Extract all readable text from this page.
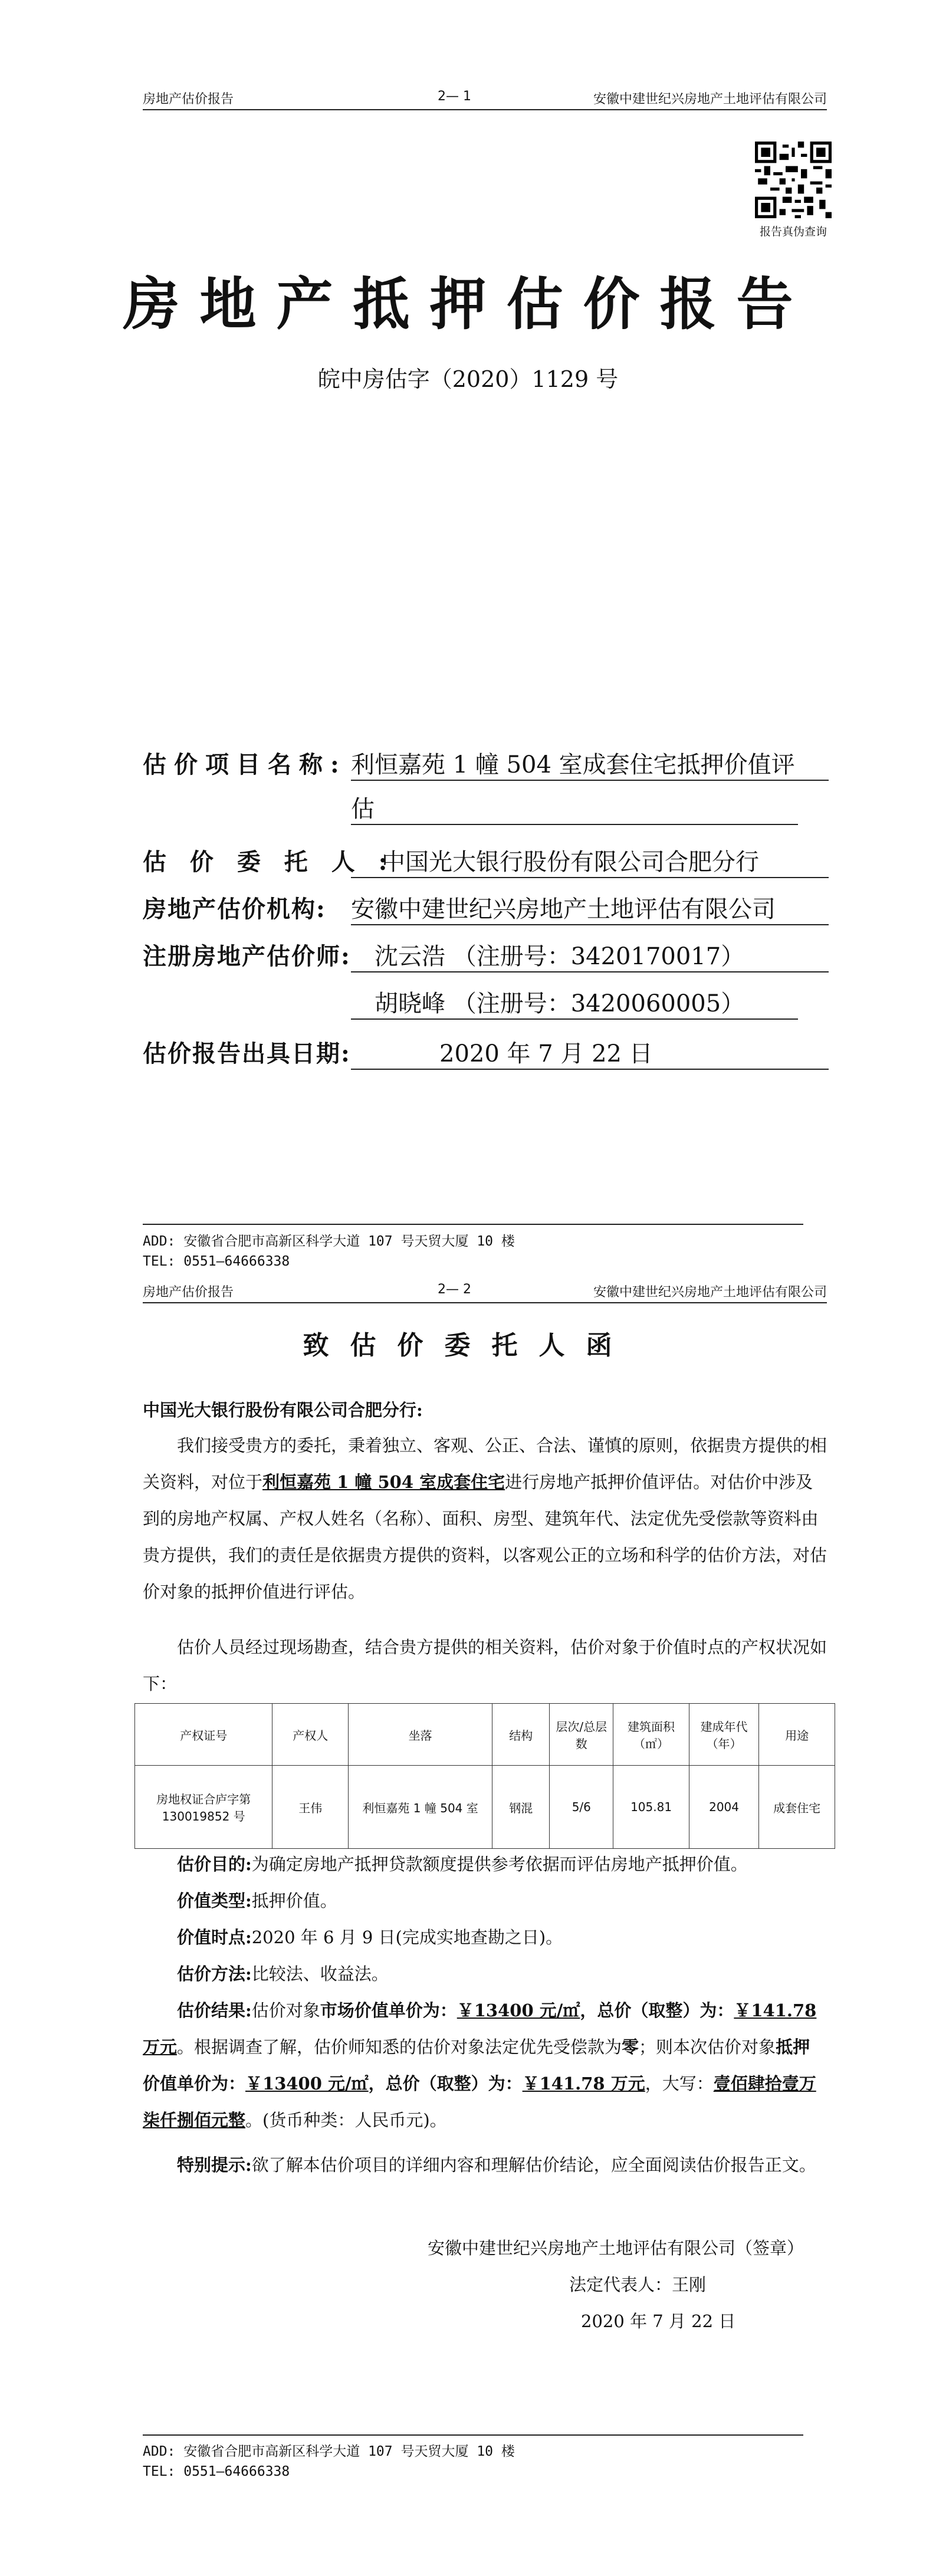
房地产估价报告	2— 1	安徽中建世纪兴房地产土地评估有限公司
报告真伪查询
房地产抵押估价报告
皖中房估字（2020）1129 号
估价项目名称: 利恒嘉苑 1 幢 504 室成套住宅抵押价值评
估
估 价 委 托 人 :中国光大银行股份有限公司合肥分行
房地产估价机构: 安徽中建世纪兴房地产土地评估有限公司
注册房地产估价师: 沈云浩 （注册号：3420170017）
胡晓峰 （注册号：3420060005）
估价报告出具日期:	2020 年 7 月 22 日
ADD: 安徽省合肥市高新区科学大道 107 号天贸大厦 10 楼
TEL: 0551—64666338
房地产估价报告	2— 2	安徽中建世纪兴房地产土地评估有限公司
致估价委托人函
中国光大银行股份有限公司合肥分行:
我们接受贵方的委托，秉着独立、客观、公正、合法、谨慎的原则，依据贵方提供的相关资料，对位于利恒嘉苑 1 幢 504 室成套住宅进行房地产抵押价值评估。对估价中涉及到的房地产权属、产权人姓名（名称）、面积、房型、建筑年代、法定优先受偿款等资料由贵方提供，我们的责任是依据贵方提供的资料，以客观公正的立场和科学的估价方法，对估价对象的抵押价值进行评估。
估价人员经过现场勘查，结合贵方提供的相关资料，估价对象于价值时点的产权状况如下：
产权证号	产权人	坐落	结构	层次/总层数	建筑面积（㎡）	建成年代（年）	用途
房地权证合庐字第 130019852 号	王伟	利恒嘉苑 1 幢 504 室	钢混	5/6	105.81	2004	成套住宅
估价目的:为确定房地产抵押贷款额度提供参考依据而评估房地产抵押价值。
价值类型:抵押价值。
价值时点:2020 年 6 月 9 日(完成实地查勘之日)。
估价方法:比较法、收益法。
估价结果:估价对象市场价值单价为：￥13400 元/㎡，总价（取整）为：￥141.78 万元。根据调查了解，估价师知悉的估价对象法定优先受偿款为零；则本次估价对象抵押价值单价为：￥13400 元/㎡，总价（取整）为：￥141.78 万元，大写：壹佰肆拾壹万柒仟捌佰元整。(货币种类：人民币元)。
特别提示:欲了解本估价项目的详细内容和理解估价结论，应全面阅读估价报告正文。
安徽中建世纪兴房地产土地评估有限公司（签章）
法定代表人：王刚
2020 年 7 月 22 日
ADD: 安徽省合肥市高新区科学大道 107 号天贸大厦 10 楼
TEL: 0551—64666338
